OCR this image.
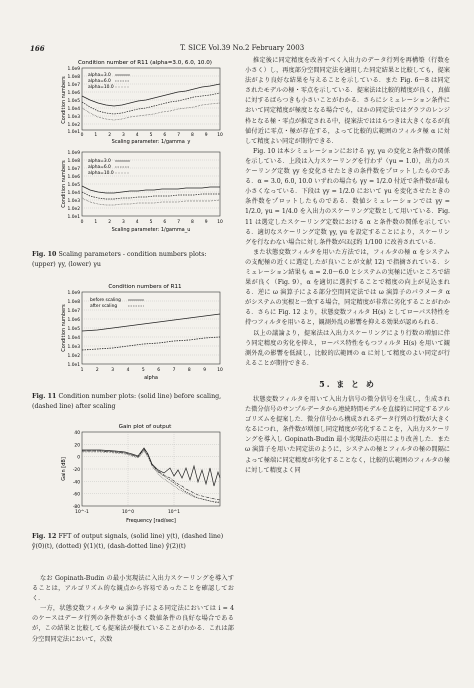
166	T. SICE Vol.39 No.2 February 2003
Condition number of R11 (alpha=3.0, 6.0, 10.0)
1.0e9
1.0e8
1.0e7
1.0e6
1.0e5
1.0e4
1.0e3
1.0e2
1.0e1
0	1	2	3	4	5	6	7	8	9 10
Scaling parameter: 1/gamma_y
Condition numbers
alpha=3.0
alpha=6.0
alpha=10.0
1.0e9
1.0e8
1.0e7
1.0e6
1.0e5
1.0e4
1.0e3
1.0e2
1.0e1
0	1	2	3	4	5	6	7	8	9 10
Scaling parameter: 1/gamma_u
Condition numbers	alpha=3.0
alpha=6.0
alpha=10.0
Fig. 10 Scaling parameters - condition numbers plots: (upper) γy, (lower) γu
Condition numbers of R11
1.0e9
1.0e8
1.0e7
1.0e6
1.0e5
1.0e4
1.0e3
1.0e2
1.0e1
1	2	3	4	5	6	7	8	9	10
alpha
Condition numbers
before scaling
after scaling
Fig. 11 Condition number plots: (solid line) before scaling, (dashed line) after scaling
Gain plot of output
40
20
0
-20
-40
-60
-80
10^-1	10^0	10^1
Frequency [rad/sec]
Gain [dB]
Fig. 12 FFT of output signals, (solid line) y(t), (dashed line) ŷ(0)(t), (dotted) ŷ(1)(t), (dash-dotted line) ŷ(2)(t)

なお Gopinath-Budin の最小実現法に入出力スケーリングを導入することは，アルゴリズム的な観点から容易であったことを確認しておく．

一方，状態変数フィルタや ω 演算子による同定法においては i = 4 のケースはデータ行列の条件数が小さく数値条件の良好な場合であるが，この結果と比較しても提案法が優れていることがわかる．これは部分空間同定法において，次数

推定後に同定精度を改善すべく入出力のデータ行列を再構築（行数を小さく）し，再度部分空間同定法を適用した同定結果と比較しても，提案法がより良好な結果を与えることを示している．また Fig. 6〜8 は同定されたモデルの極・零点を示している．提案法は比較的精度が良く，真値に対するばらつきも小さいことがわかる．さらにシミュレーション条件において同定精度が極度となる場合でも，ほかの同定法ではグラフのレンジ枠となる極・零点が推定される中，提案法でははらつきは大きくなるが真値付近に零点・極が存在する，よって比較的広範囲のフィルタ極 α に対して精度よい同定が期待できる．

Fig. 10 は本シミュレーションにおける γy, γu の変化と条件数の関係を示している．上段は入力スケーリングを行わず（γu = 1.0），出力のスケーリング定数 γy を変化させたときの条件数をプロットしたものである．α = 3.0, 6.0, 10.0 いずれの場合も γy = 1/2.0 付近で条件数が最も小さくなっている．下段は γy = 1/2.0 において γu を変化させたときの条件数をプロットしたものである．数値シミュレーションでは γy = 1/2.0, γu = 1/4.0 を入出力のスケーリング定数として用いている．Fig. 11 は選定したスケーリング定数における α と条件数の関係を示している．適切なスケーリング定数 γy, γu を設定することにより，スケーリングを行なわない場合に対し条件数がほぼ約 1/100 に改善されている．

また状態変数フィルタを用いた方法では，フィルタの極 α をシステムの支配極の近くに選定したが良いことが文献 12) で指摘されている．シミュレーション結果も α = 2.0〜6.0 とシステムの実極に近いところで結果が良く（Fig. 9），α を適切に選択することで精度の向上が見込まれる．逆に ω 演算子による部分空間同定法では ω 演算子のパラメータ α がシステムの実根と一致する場合，同定精度が非常に劣化することがわかる．さらに Fig. 12 より，状態変数フィルタ H(s) としてローパス特性を持つフィルタを用いると，観測外乱の影響を抑える効果が認められる．

以上の議論より，提案法は入出力スケーリングにより行数の増加に伴う同定精度の劣化を抑え，ローパス特性をもつフィルタ H(s) を用いて観測外乱の影響を低減し，比較的広範囲の α に対して精度のよい同定が行えることが期待できる．

5. ま と め

状態変数フィルタを用いて入出力信号の微分信号を生成し，生成された微分信号のサンプルデータから連続時間モデルを直接的に同定するアルゴリズムを提案した．微分信号から構成されるデータ行列の行数が大きくなるにつれ，条件数が増加し同定精度が劣化することを，入出力スケーリングを導入し Gopinath-Budin 最小実現法の応用により改善した．また ω 演算子を用いた同定法のように，システムの極とフィルタの極の間隔によって極端に同定精度が劣化することなく，比較的広範囲のフィルタの極に対して精度よく同
